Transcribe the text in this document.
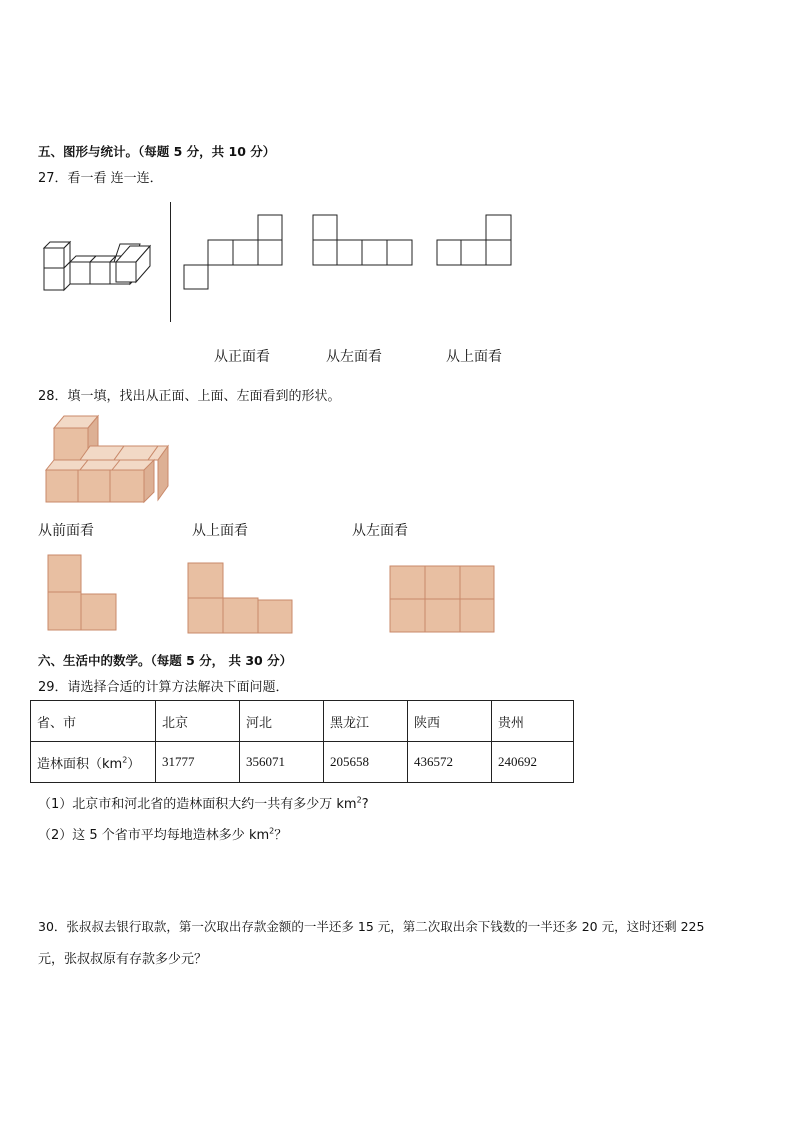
五、图形与统计。（每题 5 分，共 10 分）
27．看一看 连一连．
从正面看	从左面看	从上面看
28．填一填，找出从正面、上面、左面看到的形状。
从前面看	从上面看	从左面看
六、生活中的数学。（每题 5 分， 共 30 分）
29．请选择合适的计算方法解决下面问题．
省、市	北京	河北	黑龙江	陕西	贵州
造林面积$(km^2)$	31777	356071	205658	436572	240692
（1）北京市和河北省的造林面积大约一共有多少万 $km^2$?
（2）这 5 个省市平均每地造林多少 $km^2$？
30．张叔叔去银行取款，第一次取出存款金额的一半还多 15 元，第二次取出余下钱数的一半还多 20 元，这时还剩 225
元，张叔叔原有存款多少元？
